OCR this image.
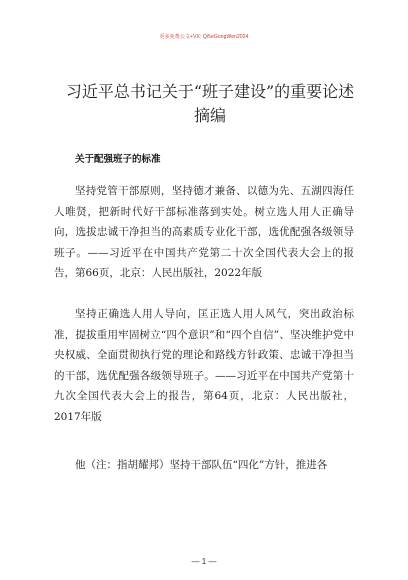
更多免费公文+VX: Qi5eGongWen2024
习近平总书记关于“班子建设”的重要论述摘编
关于配强班子的标准

坚持党管干部原则，坚持德才兼备、以德为先、五湖四海任人唯贤，把新时代好干部标准落到实处。树立选人用人正确导向，选拔忠诚干净担当的高素质专业化干部，选优配强各级领导班子。——习近平在中国共产党第二十次全国代表大会上的报告，第66页，北京：人民出版社，2022年版

坚持正确选人用人导向，匡正选人用人风气，突出政治标准，提拔重用牢固树立“四个意识”和“四个自信”、坚决维护党中央权威、全面贯彻执行党的理论和路线方针政策、忠诚干净担当的干部，选优配强各级领导班子。——习近平在中国共产党第十九次全国代表大会上的报告，第64页，北京：人民出版社，2017年版

他（注：指胡耀邦）坚持干部队伍“四化”方针，推进各

— 1 —
